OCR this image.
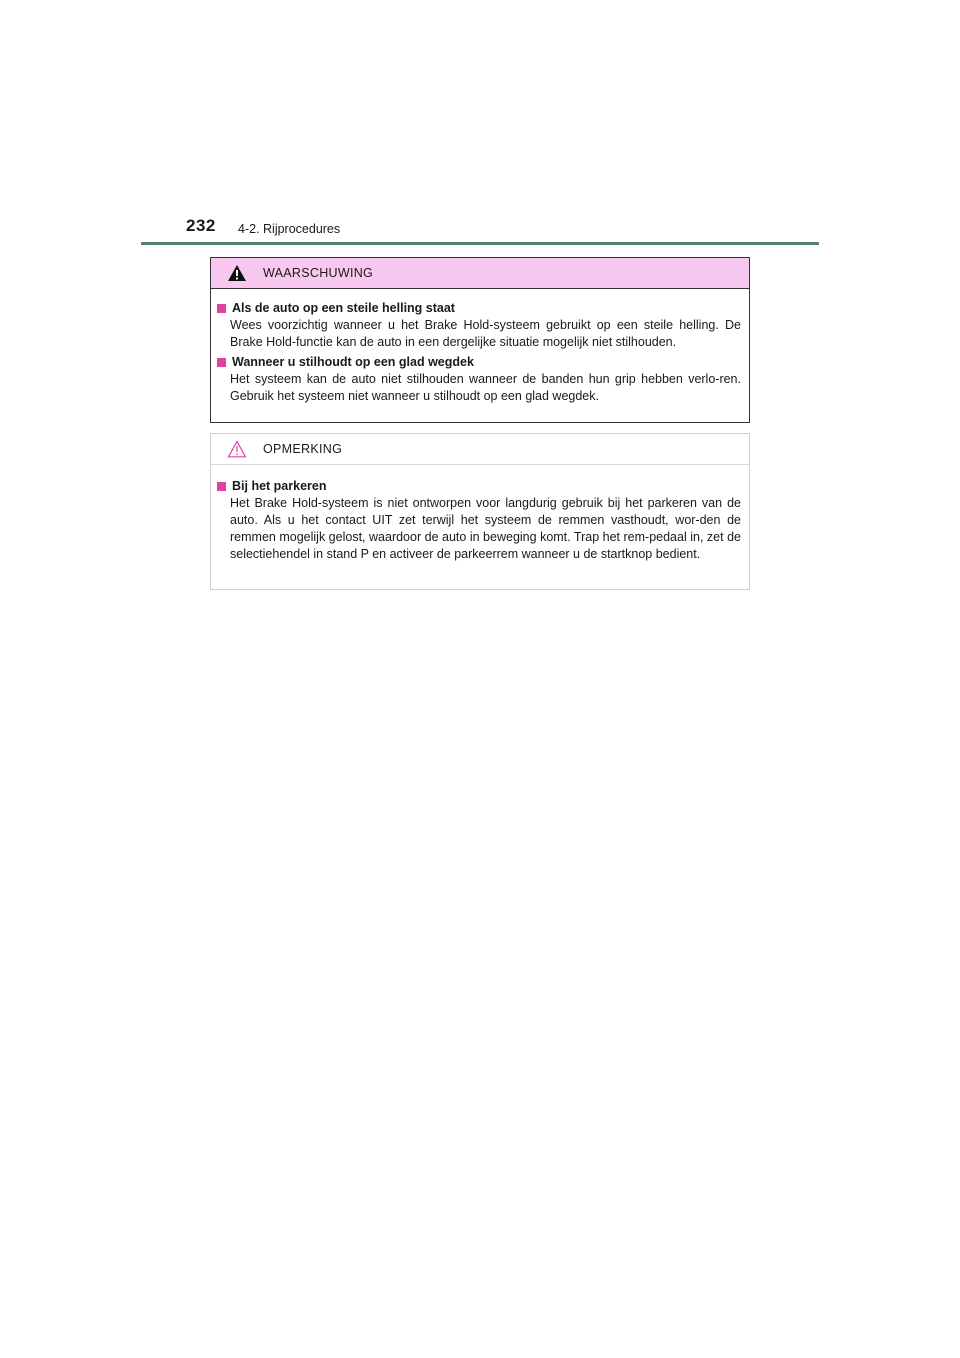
232 4-2. Rijprocedures
WAARSCHUWING
Als de auto op een steile helling staat
Wees voorzichtig wanneer u het Brake Hold-systeem gebruikt op een steile helling. De Brake Hold-functie kan de auto in een dergelijke situatie mogelijk niet stilhouden.
Wanneer u stilhoudt op een glad wegdek
Het systeem kan de auto niet stilhouden wanneer de banden hun grip hebben verlo-ren. Gebruik het systeem niet wanneer u stilhoudt op een glad wegdek.
OPMERKING
Bij het parkeren
Het Brake Hold-systeem is niet ontworpen voor langdurig gebruik bij het parkeren van de auto. Als u het contact UIT zet terwijl het systeem de remmen vasthoudt, wor-den de remmen mogelijk gelost, waardoor de auto in beweging komt. Trap het rem-pedaal in, zet de selectiehendel in stand P en activeer de parkeerrem wanneer u de startknop bedient.
